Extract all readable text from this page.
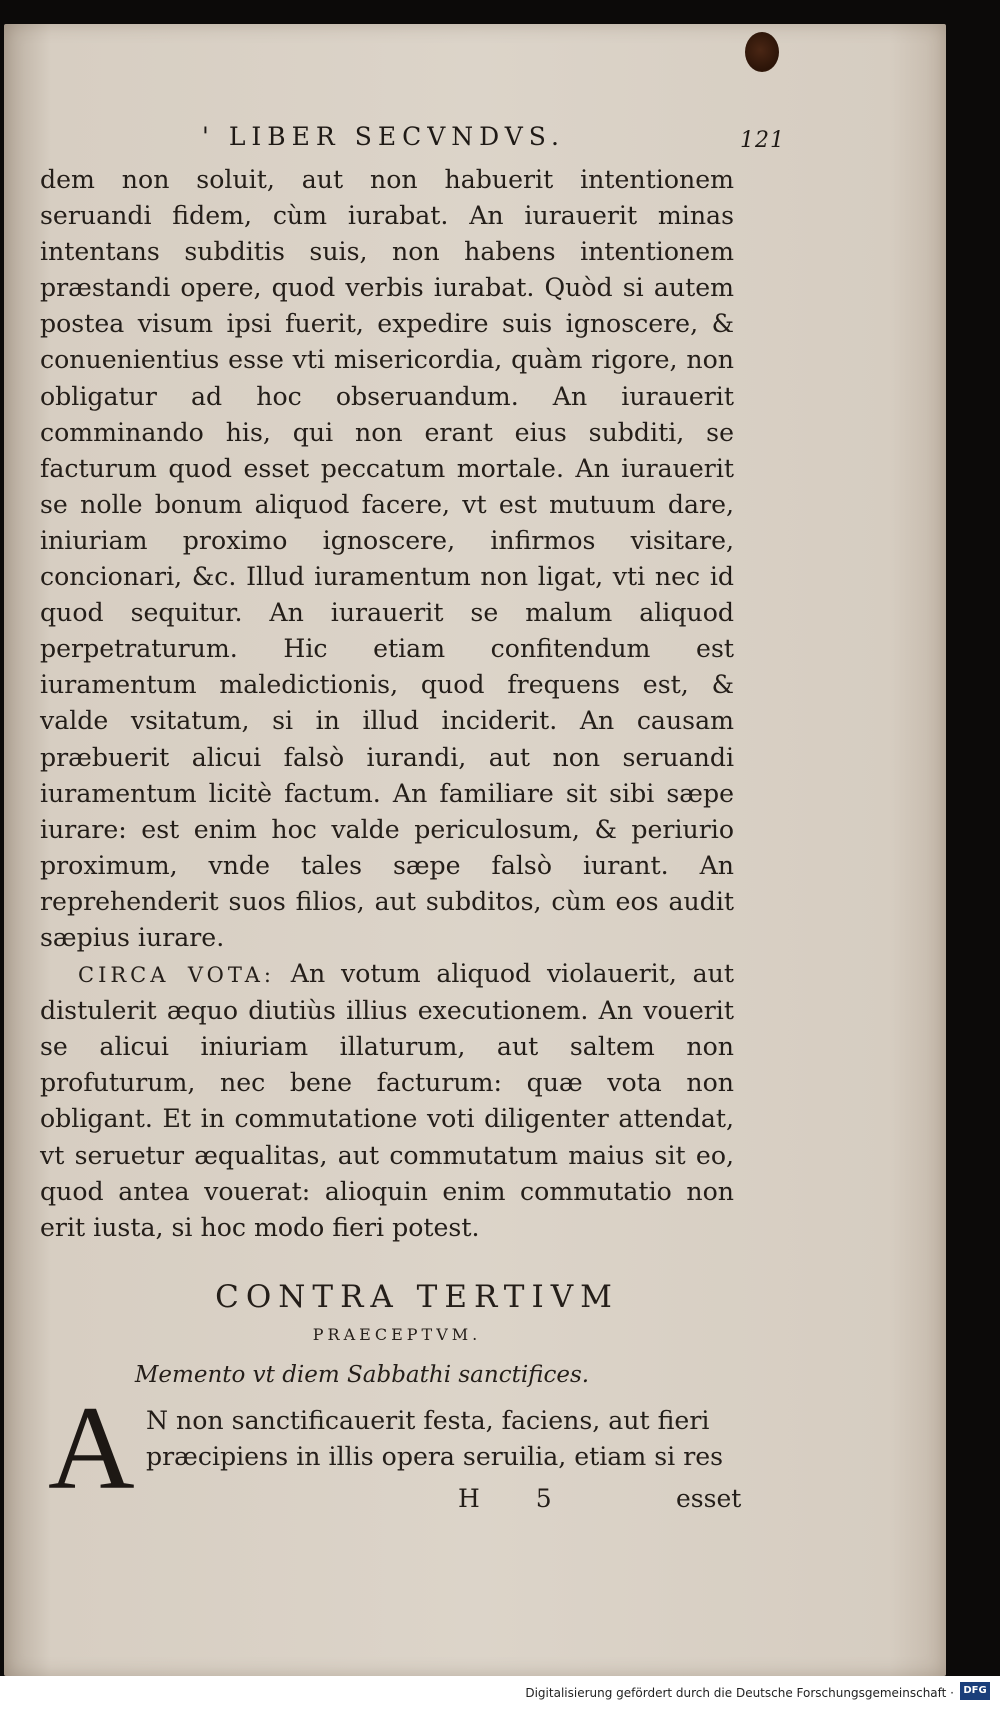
' LIBER SECVNDVS.	121

dem non soluit, aut non habuerit intentionem seruandi fidem, cùm iurabat. An iurauerit minas intentans subditis suis, non habens intentionem præstandi opere, quod verbis iurabat. Quòd si autem postea visum ipsi fuerit, expedire suis ignoscere, & conuenientius esse vti misericordia, quàm rigore, non obligatur ad hoc obseruandum. An iurauerit comminando his, qui non erant eius subditi, se facturum quod esset peccatum mortale. An iurauerit se nolle bonum aliquod facere, vt est mutuum dare, iniuriam proximo ignoscere, infirmos visitare, concionari, &c. Illud iuramentum non ligat, vti nec id quod sequitur. An iurauerit se malum aliquod perpetraturum. Hic etiam confitendum est iuramentum maledictionis, quod frequens est, & valde vsitatum, si in illud inciderit. An causam præbuerit alicui falsò iurandi, aut non seruandi iuramentum licitè factum. An familiare sit sibi sæpe iurare: est enim hoc valde periculosum, & periurio proximum, vnde tales sæpe falsò iurant. An reprehenderit suos filios, aut subditos, cùm eos audit sæpius iurare.

CIRCA VOTA: An votum aliquod violauerit, aut distulerit æquo diutiùs illius executionem. An vouerit se alicui iniuriam illaturum, aut saltem non profuturum, nec bene facturum: quæ vota non obligant. Et in commutatione voti diligenter attendat, vt seruetur æqualitas, aut commutatum maius sit eo, quod antea vouerat: alioquin enim commutatio non erit iusta, si hoc modo fieri potest.

CONTRA TERTIVM
PRAECEPTVM.
Memento vt diem Sabbathi sanctifices.
A N non sanctificauerit festa, faciens, aut fieri præcipiens in illis opera seruilia, etiam si res

H 5	esset
Digitalisierung gefördert durch die Deutsche Forschungsgemeinschaft · DFG
